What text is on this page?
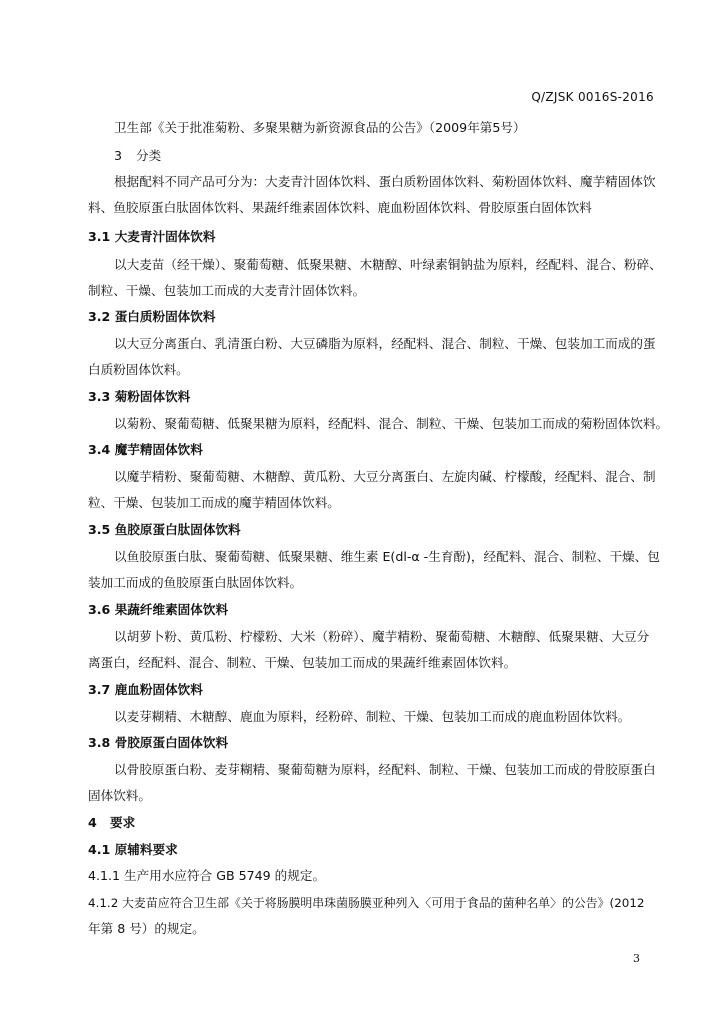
Q/ZJSK 0016S-2016
卫生部《关于批准菊粉、多聚果糖为新资源食品的公告》（2009年第5号）
3 分类
根据配料不同产品可分为：大麦青汁固体饮料、蛋白质粉固体饮料、菊粉固体饮料、魔芋精固体饮
料、鱼胶原蛋白肽固体饮料、果蔬纤维素固体饮料、鹿血粉固体饮料、骨胶原蛋白固体饮料
3.1 大麦青汁固体饮料
以大麦苗（经干燥）、聚葡萄糖、低聚果糖、木糖醇、叶绿素铜钠盐为原料，经配料、混合、粉碎、
制粒、干燥、包装加工而成的大麦青汁固体饮料。
3.2 蛋白质粉固体饮料
以大豆分离蛋白、乳清蛋白粉、大豆磷脂为原料，经配料、混合、制粒、干燥、包装加工而成的蛋
白质粉固体饮料。
3.3 菊粉固体饮料
以菊粉、聚葡萄糖、低聚果糖为原料，经配料、混合、制粒、干燥、包装加工而成的菊粉固体饮料。
3.4 魔芋精固体饮料
以魔芋精粉、聚葡萄糖、木糖醇、黄瓜粉、大豆分离蛋白、左旋肉碱、柠檬酸，经配料、混合、制
粒、干燥、包装加工而成的魔芋精固体饮料。
3.5 鱼胶原蛋白肽固体饮料
以鱼胶原蛋白肽、聚葡萄糖、低聚果糖、维生素 E(dl-α -生育酚)，经配料、混合、制粒、干燥、包
装加工而成的鱼胶原蛋白肽固体饮料。
3.6 果蔬纤维素固体饮料
以胡萝卜粉、黄瓜粉、柠檬粉、大米（粉碎）、魔芋精粉、聚葡萄糖、木糖醇、低聚果糖、大豆分
离蛋白，经配料、混合、制粒、干燥、包装加工而成的果蔬纤维素固体饮料。
3.7 鹿血粉固体饮料
以麦芽糊精、木糖醇、鹿血为原料，经粉碎、制粒、干燥、包装加工而成的鹿血粉固体饮料。
3.8 骨胶原蛋白固体饮料
以骨胶原蛋白粉、麦芽糊精、聚葡萄糖为原料，经配料、制粒、干燥、包装加工而成的骨胶原蛋白
固体饮料。
4 要求
4.1 原辅料要求
4.1.1 生产用水应符合 GB 5749 的规定。
4.1.2 大麦苗应符合卫生部《关于将肠膜明串珠菌肠膜亚种列入〈可用于食品的菌种名单〉的公告》(2012
年第 8 号）的规定。
3
